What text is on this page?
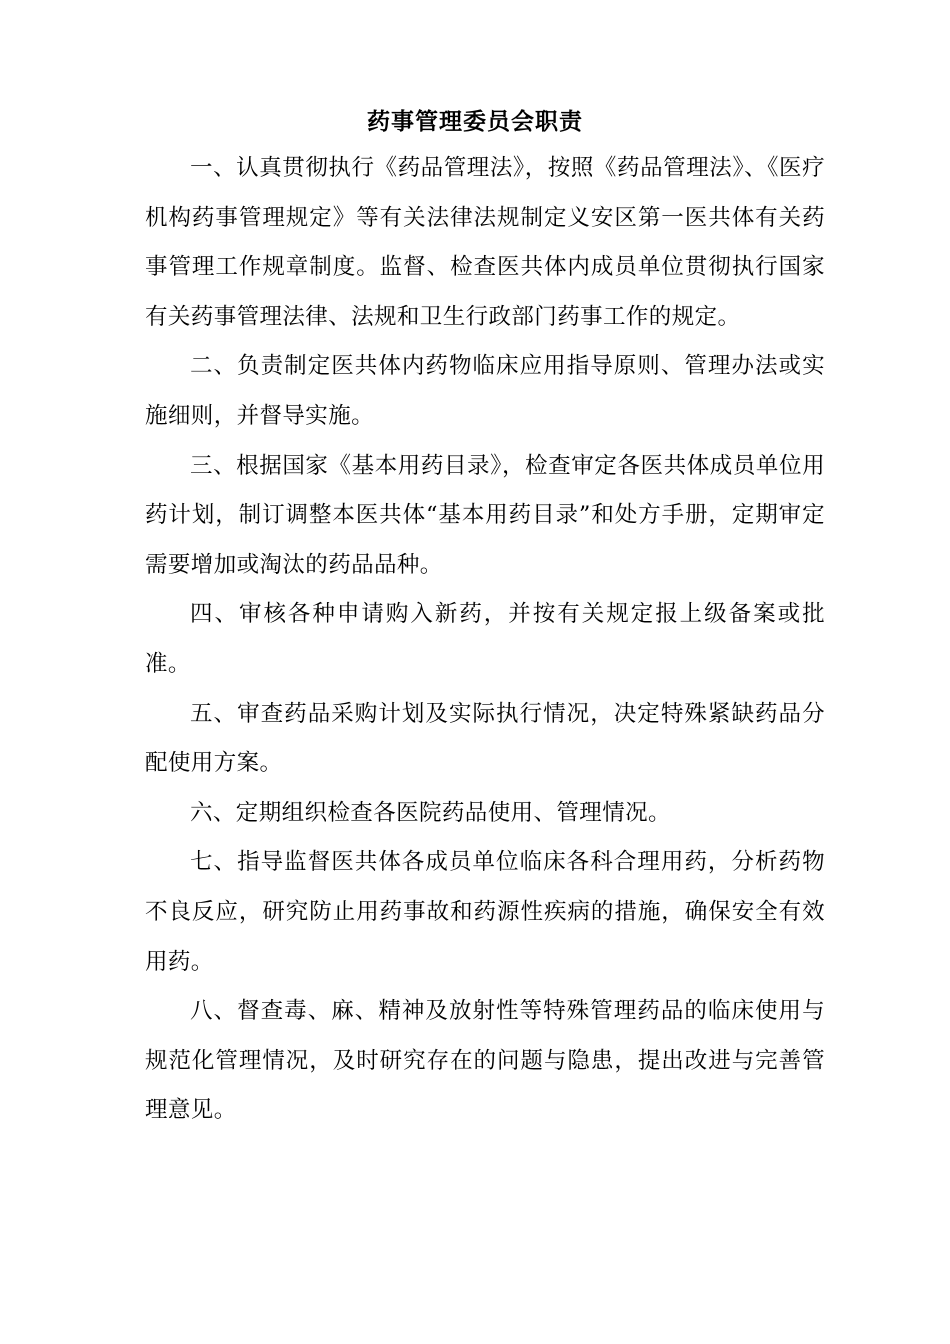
药事管理委员会职责

一、认真贯彻执行《药品管理法》，按照《药品管理法》、《医疗机构药事管理规定》等有关法律法规制定义安区第一医共体有关药事管理工作规章制度。监督、检查医共体内成员单位贯彻执行国家有关药事管理法律、法规和卫生行政部门药事工作的规定。

二、负责制定医共体内药物临床应用指导原则、管理办法或实施细则，并督导实施。

三、根据国家《基本用药目录》，检查审定各医共体成员单位用药计划，制订调整本医共体“基本用药目录”和处方手册，定期审定需要增加或淘汰的药品品种。

四、审核各种申请购入新药，并按有关规定报上级备案或批准。

五、审查药品采购计划及实际执行情况，决定特殊紧缺药品分配使用方案。

六、定期组织检查各医院药品使用、管理情况。

七、指导监督医共体各成员单位临床各科合理用药，分析药物不良反应，研究防止用药事故和药源性疾病的措施，确保安全有效用药。

八、督查毒、麻、精神及放射性等特殊管理药品的临床使用与规范化管理情况，及时研究存在的问题与隐患，提出改进与完善管理意见。
